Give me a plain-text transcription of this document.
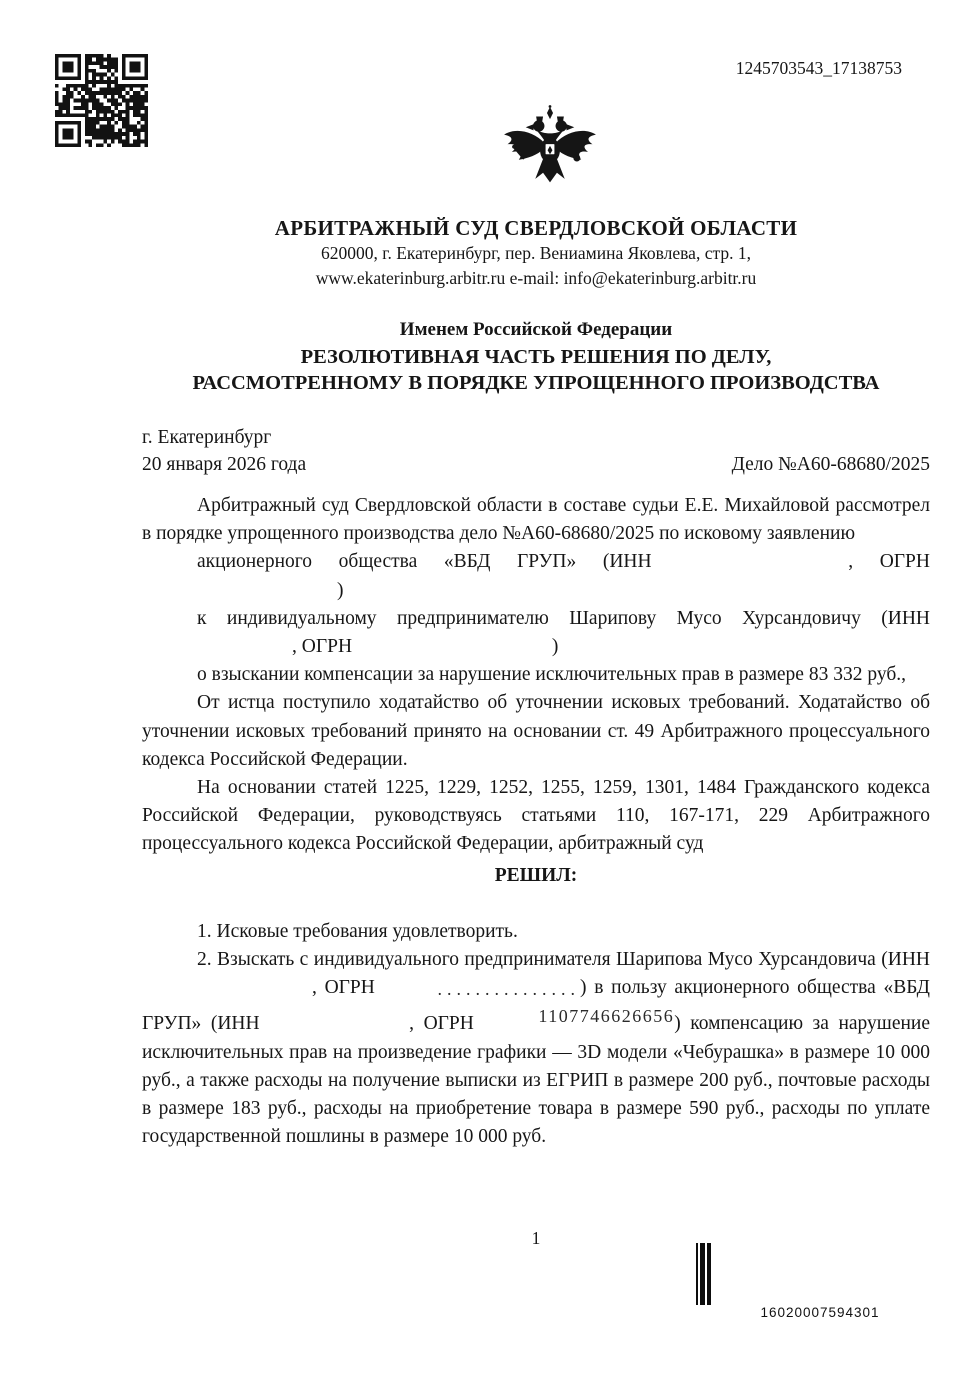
1245703543_17138753
АРБИТРАЖНЫЙ СУД СВЕРДЛОВСКОЙ ОБЛАСТИ
620000, г. Екатеринбург, пер. Вениамина Яковлева, стр. 1,
www.ekaterinburg.arbitr.ru e-mail: info@ekaterinburg.arbitr.ru
Именем Российской Федерации
РЕЗОЛЮТИВНАЯ ЧАСТЬ РЕШЕНИЯ ПО ДЕЛУ,
РАССМОТРЕННОМУ В ПОРЯДКЕ УПРОЩЕННОГО ПРОИЗВОДСТВА
г. Екатеринбург
20 января 2026 года	Дело №А60-68680/2025

Арбитражный суд Свердловской области в составе судьи Е.Е. Михайловой рассмотрел в порядке упрощенного производства дело №А60-68680/2025 по исковому заявлению

акционерного общества «ВБД ГРУП» (ИНН	, ОГРН )

к индивидуальному предпринимателю Шарипову Мусо Хурсандовичу (ИНН , ОГРН	)

о взыскании компенсации за нарушение исключительных прав в размере 83 332 руб.,

От истца поступило ходатайство об уточнении исковых требований. Ходатайство об уточнении исковых требований принято на основании ст. 49 Арбитражного процессуального кодекса Российской Федерации.

На основании статей 1225, 1229, 1252, 1255, 1259, 1301, 1484 Гражданского кодекса Российской Федерации, руководствуясь статьями 110, 167-171, 229 Арбитражного процессуального кодекса Российской Федерации, арбитражный суд

РЕШИЛ:

1. Исковые требования удовлетворить.

2. Взыскать с индивидуального предпринимателя Шарипова Мусо Хурсандовича (ИНН , ОГРН	............... ) в пользу акционерного общества «ВБД ГРУП» (ИНН	, ОГРН	1107746626656 ) компенсацию за нарушение исключительных прав на произведение графики — 3D модели «Чебурашка» в размере 10 000 руб., а также расходы на получение выписки из ЕГРИП в размере 200 руб., почтовые расходы в размере 183 руб., расходы на приобретение товара в размере 590 руб., расходы по уплате государственной пошлины в размере 10 000 руб.

1
16020007594301
